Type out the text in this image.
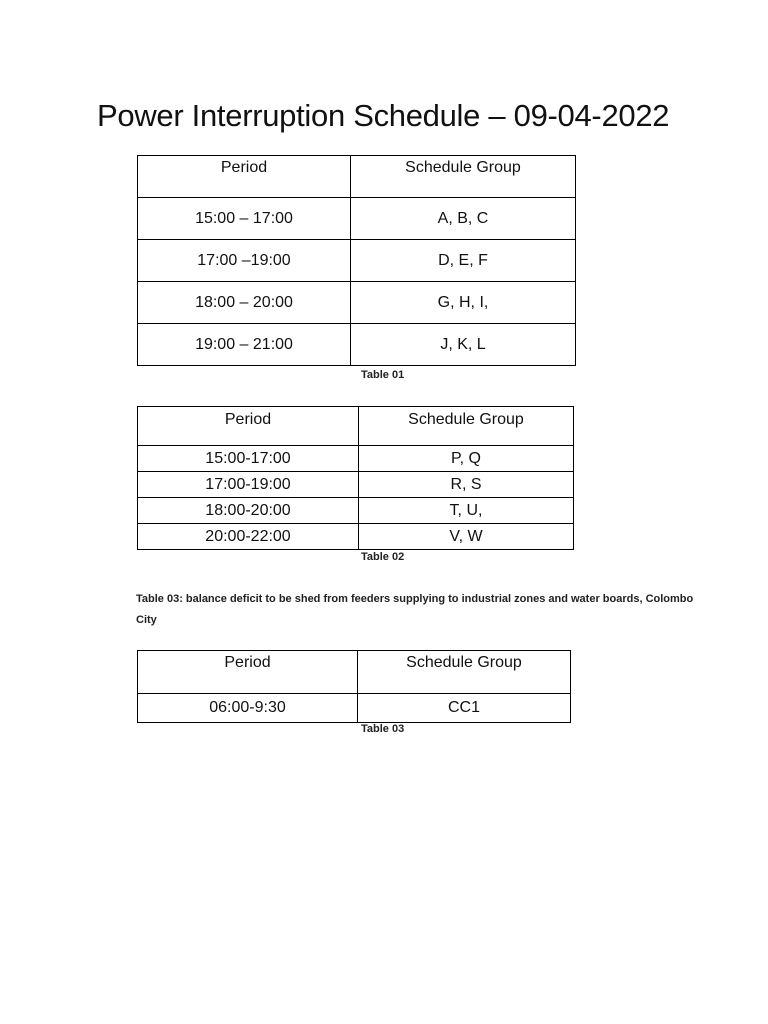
Power Interruption Schedule – 09-04-2022
Period	Schedule Group
15:00 – 17:00	A, B, C
17:00 –19:00	D, E, F
18:00 – 20:00	G, H, I,
19:00 – 21:00	J, K, L
Table 01
Period	Schedule Group
15:00-17:00	P, Q
17:00-19:00	R, S
18:00-20:00	T, U,
20:00-22:00	V, W
Table 02
Table 03: balance deficit to be shed from feeders supplying to industrial zones and water boards, Colombo City
Period	Schedule Group
06:00-9:30	CC1
Table 03
